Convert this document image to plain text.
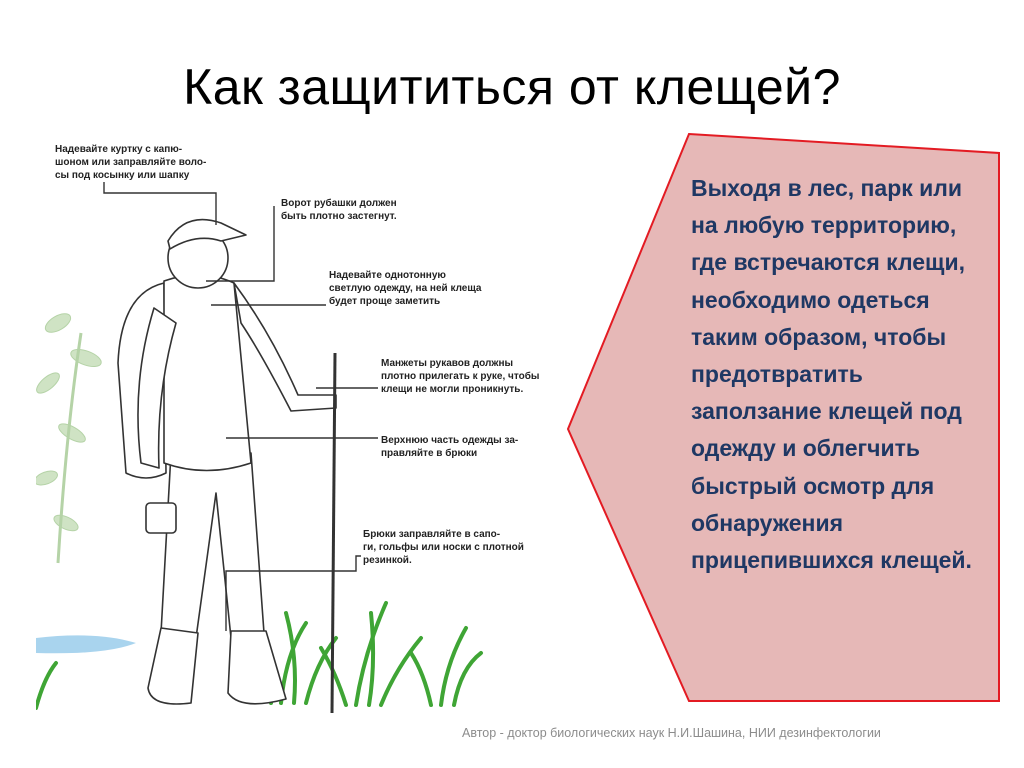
Как защититься от клещей?
Надевайте куртку с капю-
шоном или заправляйте воло-
сы под косынку или шапку
Ворот рубашки должен
быть плотно застегнут.
Надевайте однотонную
светлую одежду, на ней клеща
будет проще заметить
Манжеты рукавов должны
плотно прилегать к руке, чтобы
клещи не могли проникнуть.
Верхнюю часть одежды за-
правляйте в брюки
Брюки заправляйте в сапо-
ги, гольфы или носки с плотной
резинкой.
Выходя в лес, парк или на любую территорию, где встречаются клещи, необходимо одеться таким образом, чтобы предотвратить заползание клещей под одежду и облегчить быстрый осмотр для обнаружения прицепившихся клещей.
Автор - доктор биологических наук Н.И.Шашина, НИИ дезинфектологии
